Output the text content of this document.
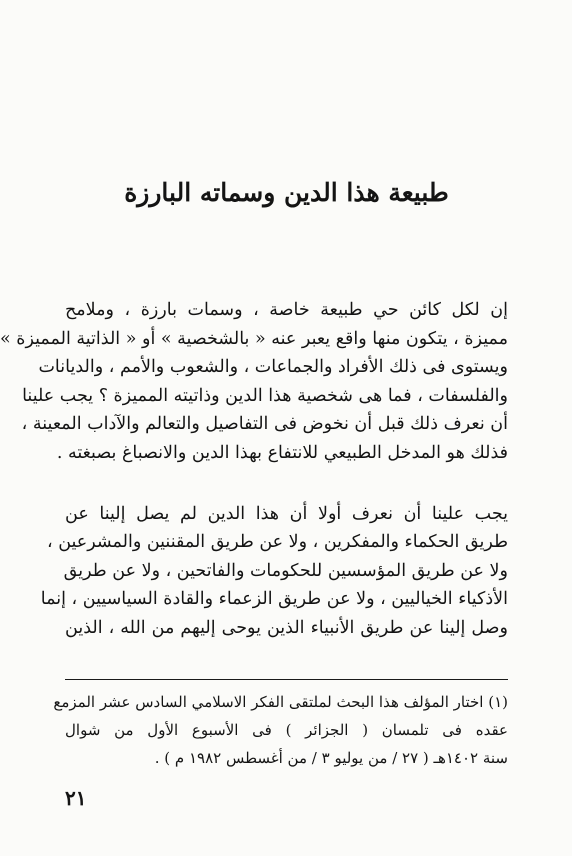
طبيعة هذا الدين وسماته البارزة
إن لكل كائن حي طبيعة خاصة ، وسمات بارزة ، وملامح
مميزة ، يتكون منها واقع يعبر عنه « بالشخصية » أو « الذاتية المميزة »
ويستوى فى ذلك الأفراد والجماعات ، والشعوب والأمم ، والديانات
والفلسفات ، فما هى شخصية هذا الدين وذاتيته المميزة ؟ يجب علينا
أن نعرف ذلك قبل أن نخوض فى التفاصيل والتعالم والآداب المعينة ،
فذلك هو المدخل الطبيعي للانتفاع بهذا الدين والانصباغ بصبغته .
يجب علينا أن نعرف أولا أن هذا الدين لم يصل إلينا عن
طريق الحكماء والمفكرين ، ولا عن طريق المقننين والمشرعين ،
ولا عن طريق المؤسسين للحكومات والفاتحين ، ولا عن طريق
الأذكياء الخياليين ، ولا عن طريق الزعماء والقادة السياسيين ، إنما
وصل إلينا عن طريق الأنبياء الذين يوحى إليهم من الله ، الذين
(١) اختار المؤلف هذا البحث لملتقى الفكر الاسلامي السادس عشر المزمع
عقده فى تلمسان ( الجزائر ) فى الأسبوع الأول من شوال
سنة ١٤٠٢هـ ( ٢٧ / من يوليو ٣ / من أغسطس ١٩٨٢ م ) .
٢١
